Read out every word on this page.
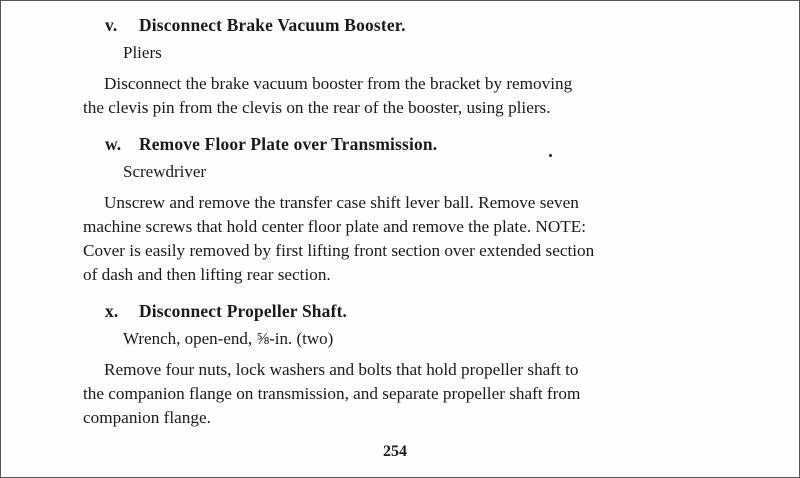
v. Disconnect Brake Vacuum Booster.
Pliers
Disconnect the brake vacuum booster from the bracket by removing
the clevis pin from the clevis on the rear of the booster, using pliers.
w. Remove Floor Plate over Transmission.
Screwdriver
Unscrew and remove the transfer case shift lever ball. Remove seven
machine screws that hold center floor plate and remove the plate. NOTE:
Cover is easily removed by first lifting front section over extended section
of dash and then lifting rear section.
x. Disconnect Propeller Shaft.
Wrench, open-end, ⅝-in. (two)
Remove four nuts, lock washers and bolts that hold propeller shaft to
the companion flange on transmission, and separate propeller shaft from
companion flange.
254
